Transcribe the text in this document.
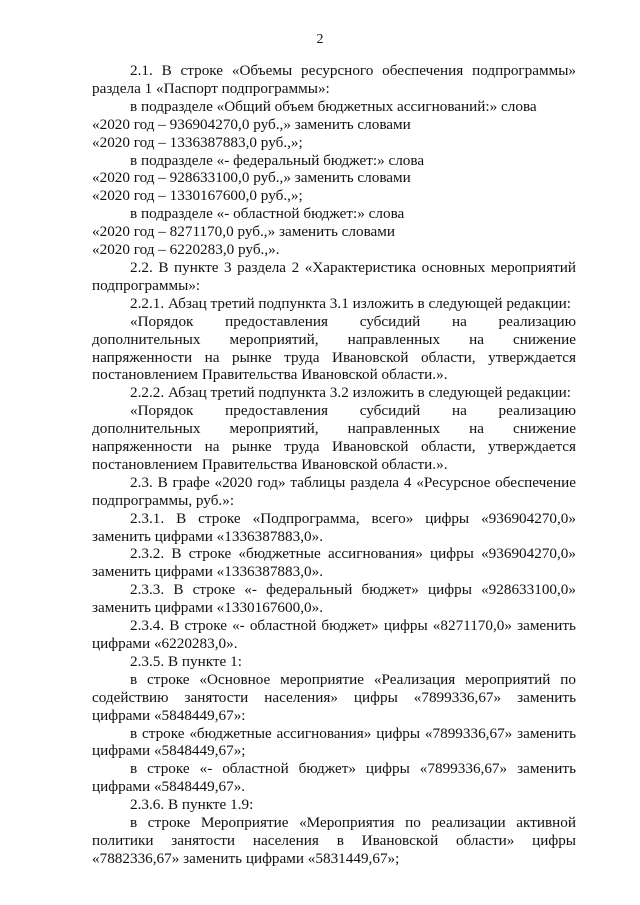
2

2.1. В строке «Объемы ресурсного обеспечения подпрограммы» раздела 1 «Паспорт подпрограммы»:

в подразделе «Общий объем бюджетных ассигнований:» слова

«2020 год – 936904270,0 руб.,» заменить словами

«2020 год – 1336387883,0 руб.,»;

в подразделе «- федеральный бюджет:» слова

«2020 год – 928633100,0 руб.,» заменить словами

«2020 год – 1330167600,0 руб.,»;

в подразделе «- областной бюджет:» слова

«2020 год – 8271170,0 руб.,» заменить словами

«2020 год – 6220283,0 руб.,».

2.2. В пункте 3 раздела 2 «Характеристика основных мероприятий подпрограммы»:

2.2.1. Абзац третий подпункта 3.1 изложить в следующей редакции:

«Порядок предоставления субсидий на реализацию дополнительных мероприятий, направленных на снижение напряженности на рынке труда Ивановской области, утверждается постановлением Правительства Ивановской области.».

2.2.2. Абзац третий подпункта 3.2 изложить в следующей редакции:

«Порядок предоставления субсидий на реализацию дополнительных мероприятий, направленных на снижение напряженности на рынке труда Ивановской области, утверждается постановлением Правительства Ивановской области.».

2.3. В графе «2020 год» таблицы раздела 4 «Ресурсное обеспечение подпрограммы, руб.»:

2.3.1. В строке «Подпрограмма, всего» цифры «936904270,0» заменить цифрами «1336387883,0».

2.3.2. В строке «бюджетные ассигнования» цифры «936904270,0» заменить цифрами «1336387883,0».

2.3.3. В строке «- федеральный бюджет» цифры «928633100,0» заменить цифрами «1330167600,0».

2.3.4. В строке «- областной бюджет» цифры «8271170,0» заменить цифрами «6220283,0».

2.3.5. В пункте 1:

в строке «Основное мероприятие «Реализация мероприятий по содействию занятости населения» цифры «7899336,67» заменить цифрами «5848449,67»:

в строке «бюджетные ассигнования» цифры «7899336,67» заменить цифрами «5848449,67»;

в строке «- областной бюджет» цифры «7899336,67» заменить цифрами «5848449,67».

2.3.6. В пункте 1.9:

в строке Мероприятие «Мероприятия по реализации активной политики занятости населения в Ивановской области» цифры «7882336,67» заменить цифрами «5831449,67»;
